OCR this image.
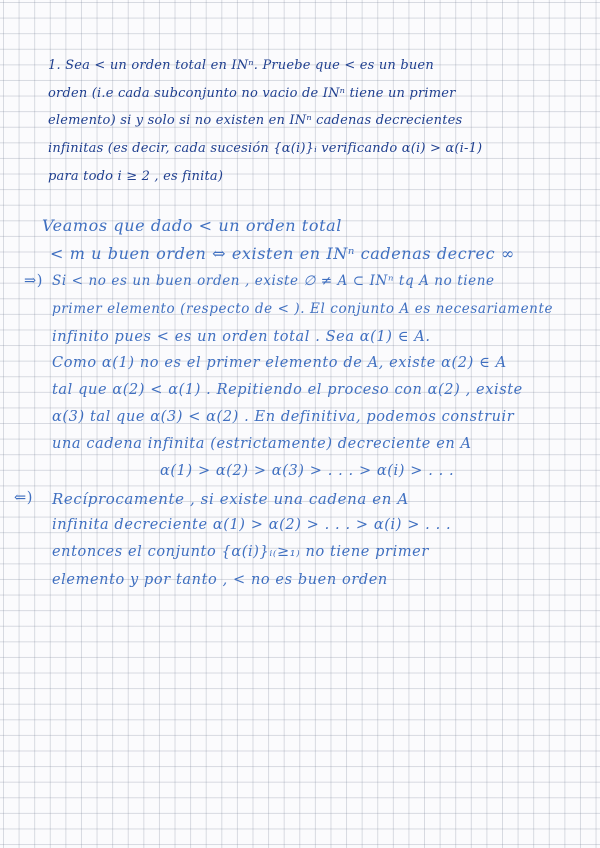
1. Sea < un orden total en INⁿ. Pruebe que < es un buen
orden (i.e cada subconjunto no vacio de INⁿ tiene un primer
elemento) si y solo si no existen en INⁿ cadenas decrecientes
infinitas (es decir, cada sucesión {α(i)}ᵢ verificando α(i) > α(i-1)
para todo i ≥ 2 , es finita)
Veamos que dado < un orden total
< m u buen orden ⇔ existen en INⁿ cadenas decrec ∞
⇒) Si < no es un buen orden , existe ∅ ≠ A ⊂ INⁿ tq A no tiene
primer elemento (respecto de < ). El conjunto A es necesariamente
infinito pues < es un orden total . Sea α(1) ∈ A.
Como α(1) no es el primer elemento de A, existe α(2) ∈ A
tal que α(2) < α(1) . Repitiendo el proceso con α(2) , existe
α(3) tal que α(3) < α(2) . En definitiva, podemos construir
una cadena infinita (estrictamente) decreciente en A
α(1) > α(2) > α(3) > . . . > α(i) > . . .
⇐) Recíprocamente , si existe una cadena en A
infinita decreciente α(1) > α(2) > . . . > α(i) > . . .
entonces el conjunto {α(i)}ᵢ₍≥₁₎ no tiene primer
elemento y por tanto , < no es buen orden
